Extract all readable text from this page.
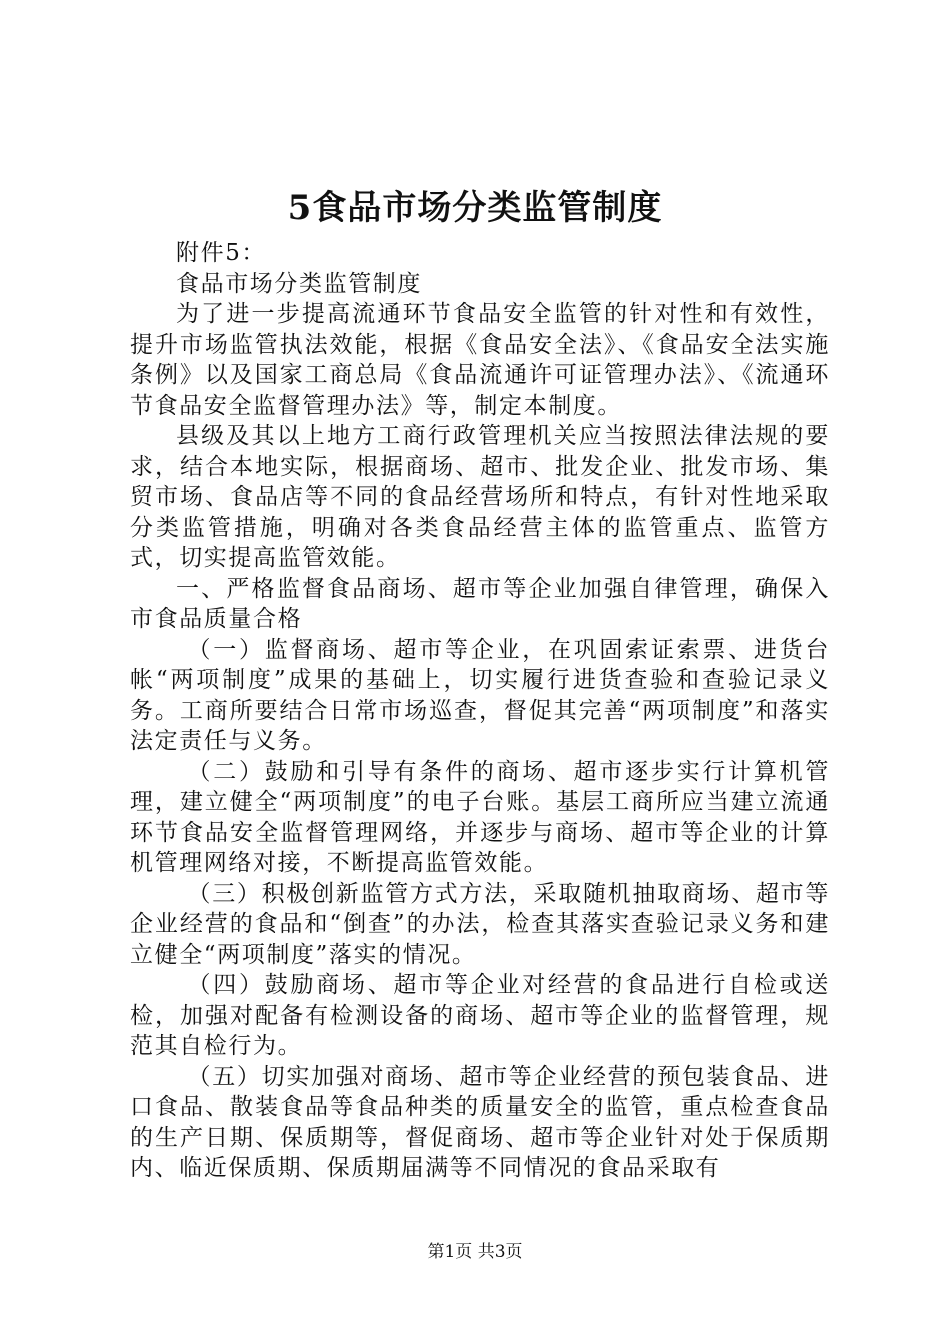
5食品市场分类监管制度

附件5：

食品市场分类监管制度

为了进一步提高流通环节食品安全监管的针对性和有效性，提升市场监管执法效能，根据《食品安全法》、《食品安全法实施条例》以及国家工商总局《食品流通许可证管理办法》、《流通环节食品安全监督管理办法》等，制定本制度。

县级及其以上地方工商行政管理机关应当按照法律法规的要求，结合本地实际，根据商场、超市、批发企业、批发市场、集贸市场、食品店等不同的食品经营场所和特点，有针对性地采取分类监管措施，明确对各类食品经营主体的监管重点、监管方式，切实提高监管效能。

一、严格监督食品商场、超市等企业加强自律管理，确保入市食品质量合格

（一）监督商场、超市等企业，在巩固索证索票、进货台帐“两项制度”成果的基础上，切实履行进货查验和查验记录义务。工商所要结合日常市场巡查，督促其完善“两项制度”和落实法定责任与义务。

（二）鼓励和引导有条件的商场、超市逐步实行计算机管理，建立健全“两项制度”的电子台账。基层工商所应当建立流通环节食品安全监督管理网络，并逐步与商场、超市等企业的计算机管理网络对接，不断提高监管效能。

（三）积极创新监管方式方法，采取随机抽取商场、超市等企业经营的食品和“倒查”的办法，检查其落实查验记录义务和建立健全“两项制度”落实的情况。

（四）鼓励商场、超市等企业对经营的食品进行自检或送检，加强对配备有检测设备的商场、超市等企业的监督管理，规范其自检行为。

（五）切实加强对商场、超市等企业经营的预包装食品、进口食品、散装食品等食品种类的质量安全的监管，重点检查食品的生产日期、保质期等，督促商场、超市等企业针对处于保质期内、临近保质期、保质期届满等不同情况的食品采取有

第1页 共3页
